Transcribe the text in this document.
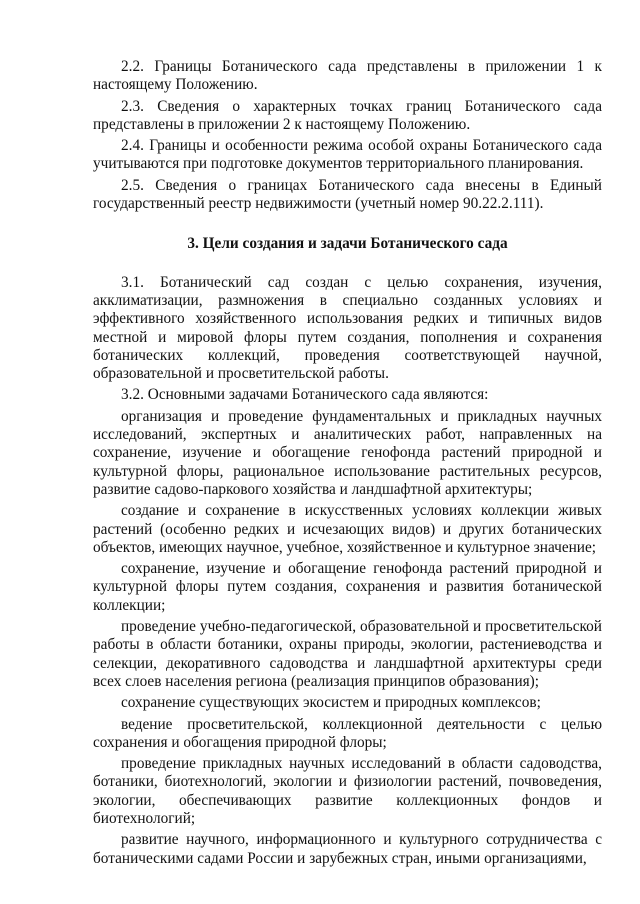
2.2. Границы Ботанического сада представлены в приложении 1 к настоящему Положению.

2.3. Сведения о характерных точках границ Ботанического сада представлены в приложении 2 к настоящему Положению.

2.4. Границы и особенности режима особой охраны Ботанического сада учитываются при подготовке документов территориального планирования.

2.5. Сведения о границах Ботанического сада внесены в Единый государственный реестр недвижимости (учетный номер 90.22.2.111).

3. Цели создания и задачи Ботанического сада

3.1. Ботанический сад создан с целью сохранения, изучения, акклиматизации, размножения в специально созданных условиях и эффективного хозяйственного использования редких и типичных видов местной и мировой флоры путем создания, пополнения и сохранения ботанических коллекций, проведения соответствующей научной, образовательной и просветительской работы.

3.2. Основными задачами Ботанического сада являются:

организация и проведение фундаментальных и прикладных научных исследований, экспертных и аналитических работ, направленных на сохранение, изучение и обогащение генофонда растений природной и культурной флоры, рациональное использование растительных ресурсов, развитие садово-паркового хозяйства и ландшафтной архитектуры;

создание и сохранение в искусственных условиях коллекции живых растений (особенно редких и исчезающих видов) и других ботанических объектов, имеющих научное, учебное, хозяйственное и культурное значение;

сохранение, изучение и обогащение генофонда растений природной и культурной флоры путем создания, сохранения и развития ботанической коллекции;

проведение учебно-педагогической, образовательной и просветительской работы в области ботаники, охраны природы, экологии, растениеводства и селекции, декоративного садоводства и ландшафтной архитектуры среди всех слоев населения региона (реализация принципов образования);

сохранение существующих экосистем и природных комплексов;

ведение просветительской, коллекционной деятельности с целью сохранения и обогащения природной флоры;

проведение прикладных научных исследований в области садоводства, ботаники, биотехнологий, экологии и физиологии растений, почвоведения, экологии, обеспечивающих развитие коллекционных фондов и биотехнологий;

развитие научного, информационного и культурного сотрудничества с ботаническими садами России и зарубежных стран, иными организациями,
